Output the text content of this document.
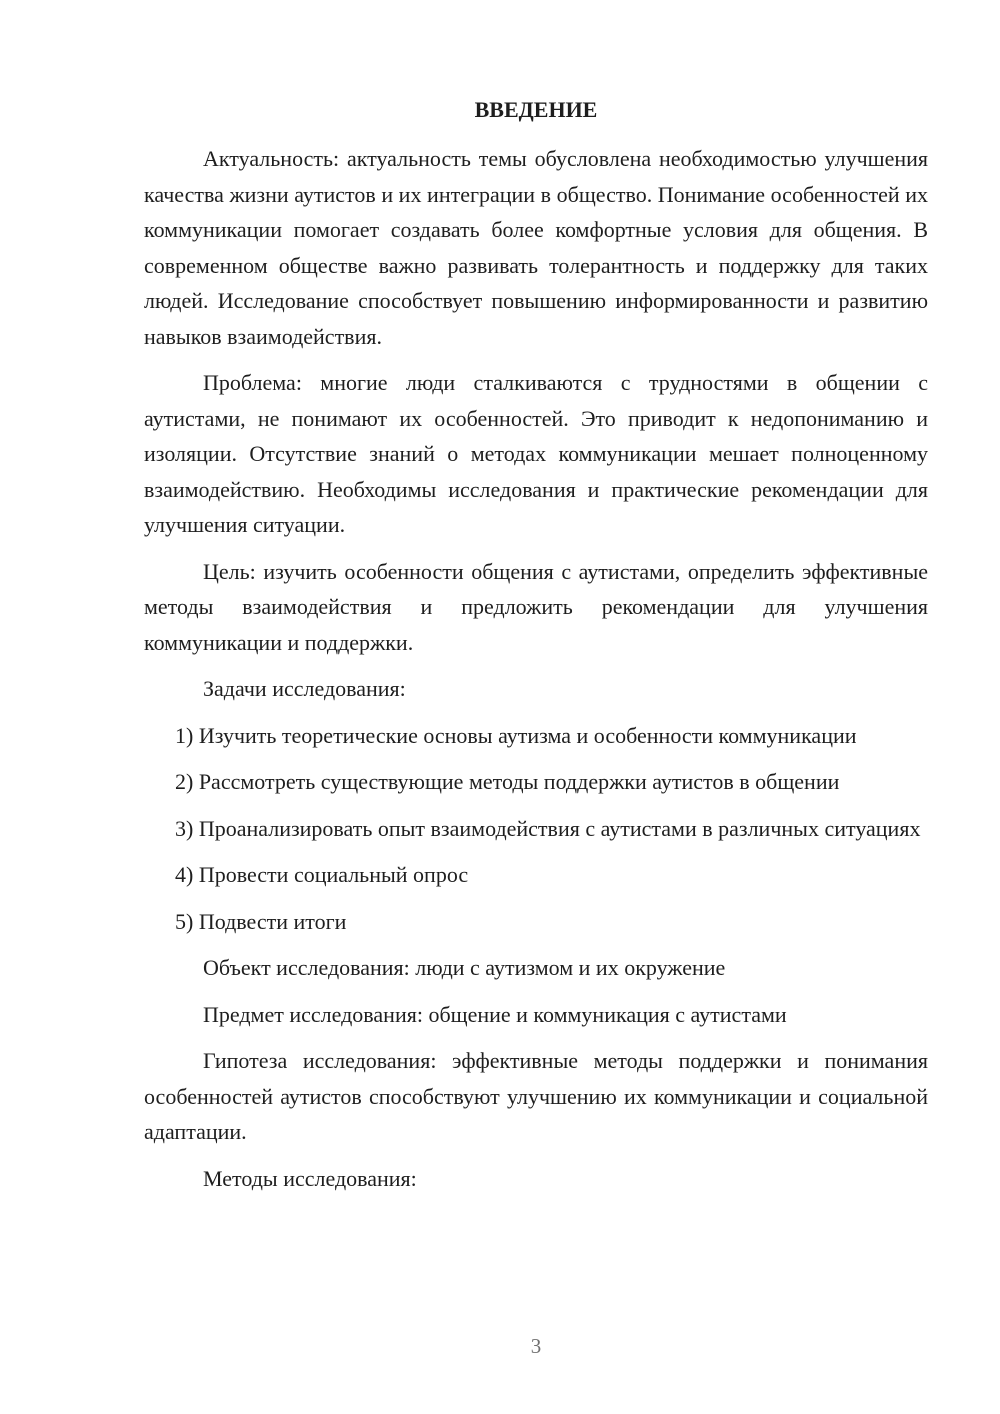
ВВЕДЕНИЕ

Актуальность: актуальность темы обусловлена необходимостью улучшения качества жизни аутистов и их интеграции в общество. Понимание особенностей их коммуникации помогает создавать более комфортные условия для общения. В современном обществе важно развивать толерантность и поддержку для таких людей. Исследование способствует повышению информированности и развитию навыков взаимодействия.

Проблема: многие люди сталкиваются с трудностями в общении с аутистами, не понимают их особенностей. Это приводит к недопониманию и изоляции. Отсутствие знаний о методах коммуникации мешает полноценному взаимодействию. Необходимы исследования и практические рекомендации для улучшения ситуации.

Цель: изучить особенности общения с аутистами, определить эффективные методы взаимодействия и предложить рекомендации для улучшения коммуникации и поддержки.

Задачи исследования:

1) Изучить теоретические основы аутизма и особенности коммуникации

2) Рассмотреть существующие методы поддержки аутистов в общении

3) Проанализировать опыт взаимодействия с аутистами в различных ситуациях

4) Провести социальный опрос

5) Подвести итоги

Объект исследования: люди с аутизмом и их окружение

Предмет исследования: общение и коммуникация с аутистами

Гипотеза исследования: эффективные методы поддержки и понимания особенностей аутистов способствуют улучшению их коммуникации и социальной адаптации.

Методы исследования:

3
